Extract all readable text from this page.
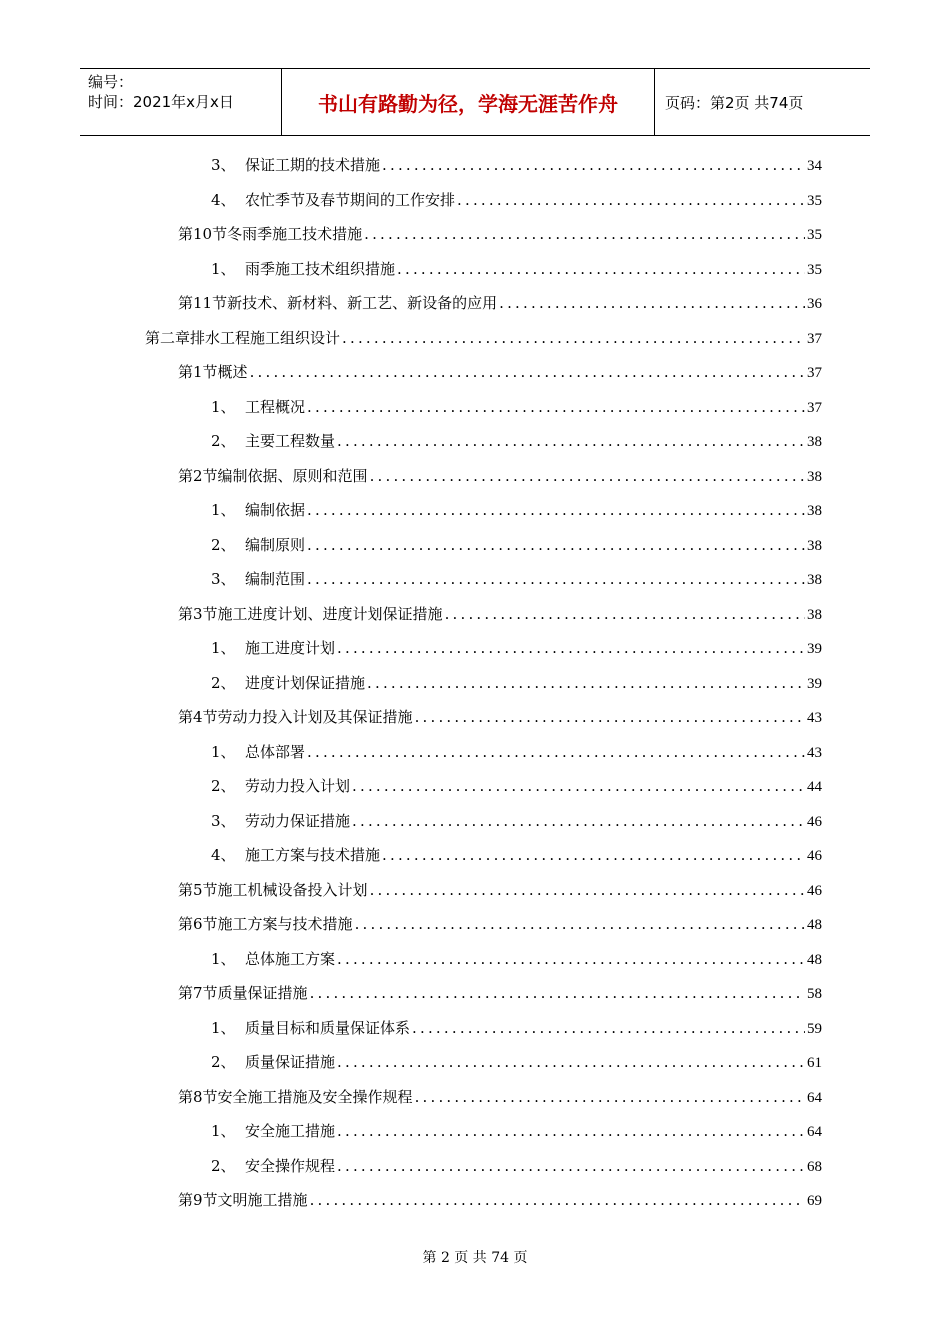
编号：
时间：2021年x月x日	书山有路勤为径，学海无涯苦作舟	页码：第2页 共74页
3、 保证工期的技术措施 .....	34
4、 农忙季节及春节期间的工作安排 .....	35
第10节 冬雨季施工技术措施 .....	35
1、 雨季施工技术组织措施 .....	35
第11节 新技术、新材料、新工艺、新设备的应用 .....	36
第二章 排水工程施工组织设计 .....	37
第1节 概述 .....	37
1、 工程概况 .....	37
2、 主要工程数量 .....	38
第2节 编制依据、原则和范围 .....	38
1、 编制依据 .....	38
2、 编制原则 .....	38
3、 编制范围 .....	38
第3节 施工进度计划、进度计划保证措施 .....	38
1、 施工进度计划 .....	39
2、 进度计划保证措施 .....	39
第4节 劳动力投入计划及其保证措施 .....	43
1、 总体部署 .....	43
2、 劳动力投入计划 .....	44
3、 劳动力保证措施 .....	46
4、 施工方案与技术措施 .....	46
第5节 施工机械设备投入计划 .....	46
第6节 施工方案与技术措施 .....	48
1、 总体施工方案 .....	48
第7节 质量保证措施 .....	58
1、 质量目标和质量保证体系 .....	59
2、 质量保证措施 .....	61
第8节 安全施工措施及安全操作规程 .....	64
1、 安全施工措施 .....	64
2、 安全操作规程 .....	68
第9节 文明施工措施 .....	69
第 2 页 共 74 页
